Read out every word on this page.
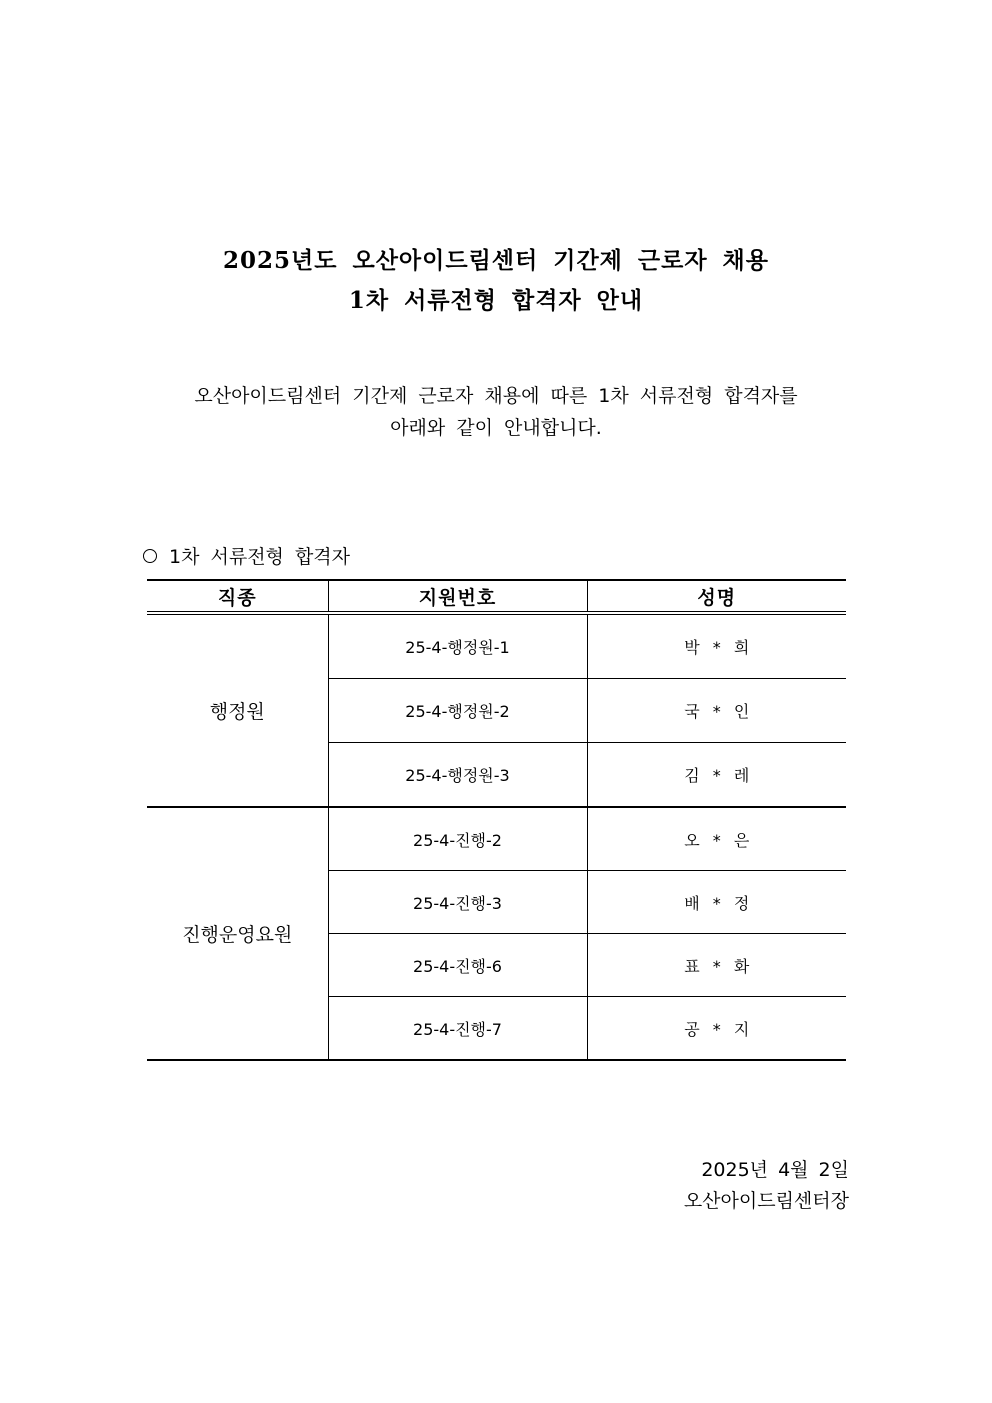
2025년도 오산아이드림센터 기간제 근로자 채용
1차 서류전형 합격자 안내
오산아이드림센터 기간제 근로자 채용에 따른 1차 서류전형 합격자를
아래와 같이 안내합니다.
1차 서류전형 합격자
직종	지원번호	성명
행정원	25-4-행정원-1	박 * 희
	25-4-행정원-2	국 * 인
	25-4-행정원-3	김 * 레
진행운영요원	25-4-진행-2	오 * 은
	25-4-진행-3	배 * 정
	25-4-진행-6	표 * 화
	25-4-진행-7	공 * 지
2025년 4월 2일
오산아이드림센터장
